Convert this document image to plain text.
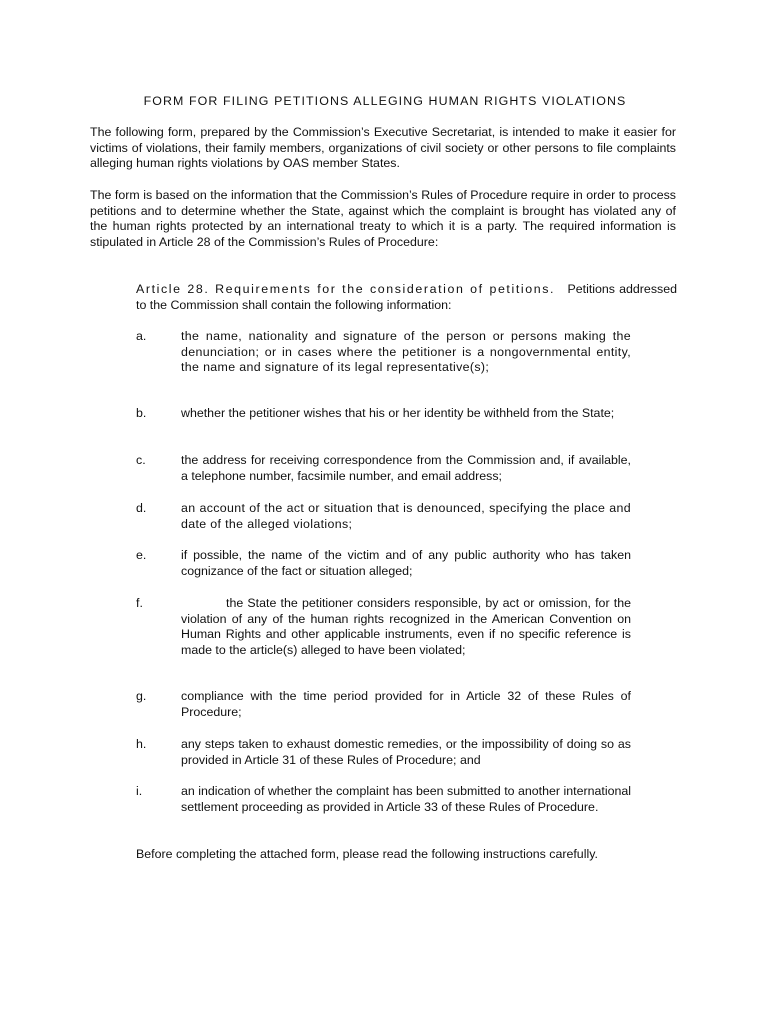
FORM FOR FILING PETITIONS ALLEGING HUMAN RIGHTS VIOLATIONS
The following form, prepared by the Commission’s Executive Secretariat, is intended to make it easier for victims of violations, their family members, organizations of civil society or other persons to file complaints alleging human rights violations by OAS member States.
The form is based on the information that the Commission’s Rules of Procedure require in order to process petitions and to determine whether the State, against which the complaint is brought has violated any of the human rights protected by an international treaty to which it is a party. The required information is stipulated in Article 28 of the Commission’s Rules of Procedure:
Article 28. Requirements for the consideration of petitions. Petitions addressed to the Commission shall contain the following information:
a.	the name, nationality and signature of the person or persons making the denunciation; or in cases where the petitioner is a nongovernmental entity, the name and signature of its legal representative(s);
b.	whether the petitioner wishes that his or her identity be withheld from the State;
c.	the address for receiving correspondence from the Commission and, if available, a telephone number, facsimile number, and email address;
d.	an account of the act or situation that is denounced, specifying the place and date of the alleged violations;
e.	if possible, the name of the victim and of any public authority who has taken cognizance of the fact or situation alleged;
f.	the State the petitioner considers responsible, by act or omission, for the violation of any of the human rights recognized in the American Convention on Human Rights and other applicable instruments, even if no specific reference is made to the article(s) alleged to have been violated;
g.	compliance with the time period provided for in Article 32 of these Rules of Procedure;
h.	any steps taken to exhaust domestic remedies, or the impossibility of doing so as provided in Article 31 of these Rules of Procedure; and
i.	an indication of whether the complaint has been submitted to another international settlement proceeding as provided in Article 33 of these Rules of Procedure.
Before completing the attached form, please read the following instructions carefully.
